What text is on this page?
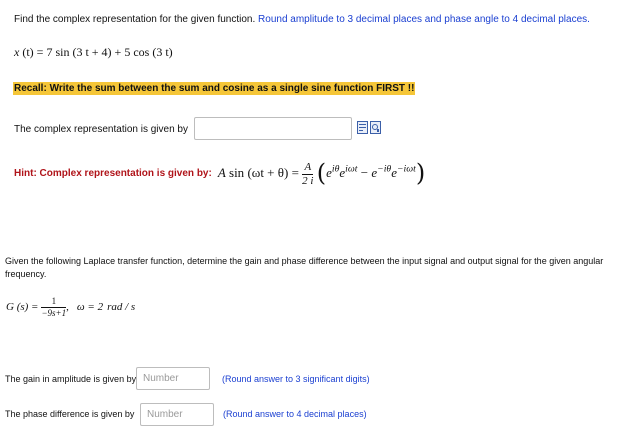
Find the complex representation for the given function. Round amplitude to 3 decimal places and phase angle to 4 decimal places.
x (t) = 7 sin (3 t + 4) + 5 cos (3 t)
Recall: Write the sum between the sum and cosine as a single sine function FIRST !!
The complex representation is given by
Hint: Complex representation is given by: A $\sin (\omega t + \theta) = \frac{A}{2 i} (e^{i\theta}e^{i\omega t} - e^{-i\theta}e^{-i\omega t})$
Given the following Laplace transfer function, determine the gain and phase difference between the input signal and output signal for the given angular frequency.
G $(s) = \frac{1}{-9s+1}$ , ω = 2 rad / s
The gain in amplitude is given by
Number	(Round answer to 3 significant digits)
The phase difference is given by
Number	(Round answer to 4 decimal places)
